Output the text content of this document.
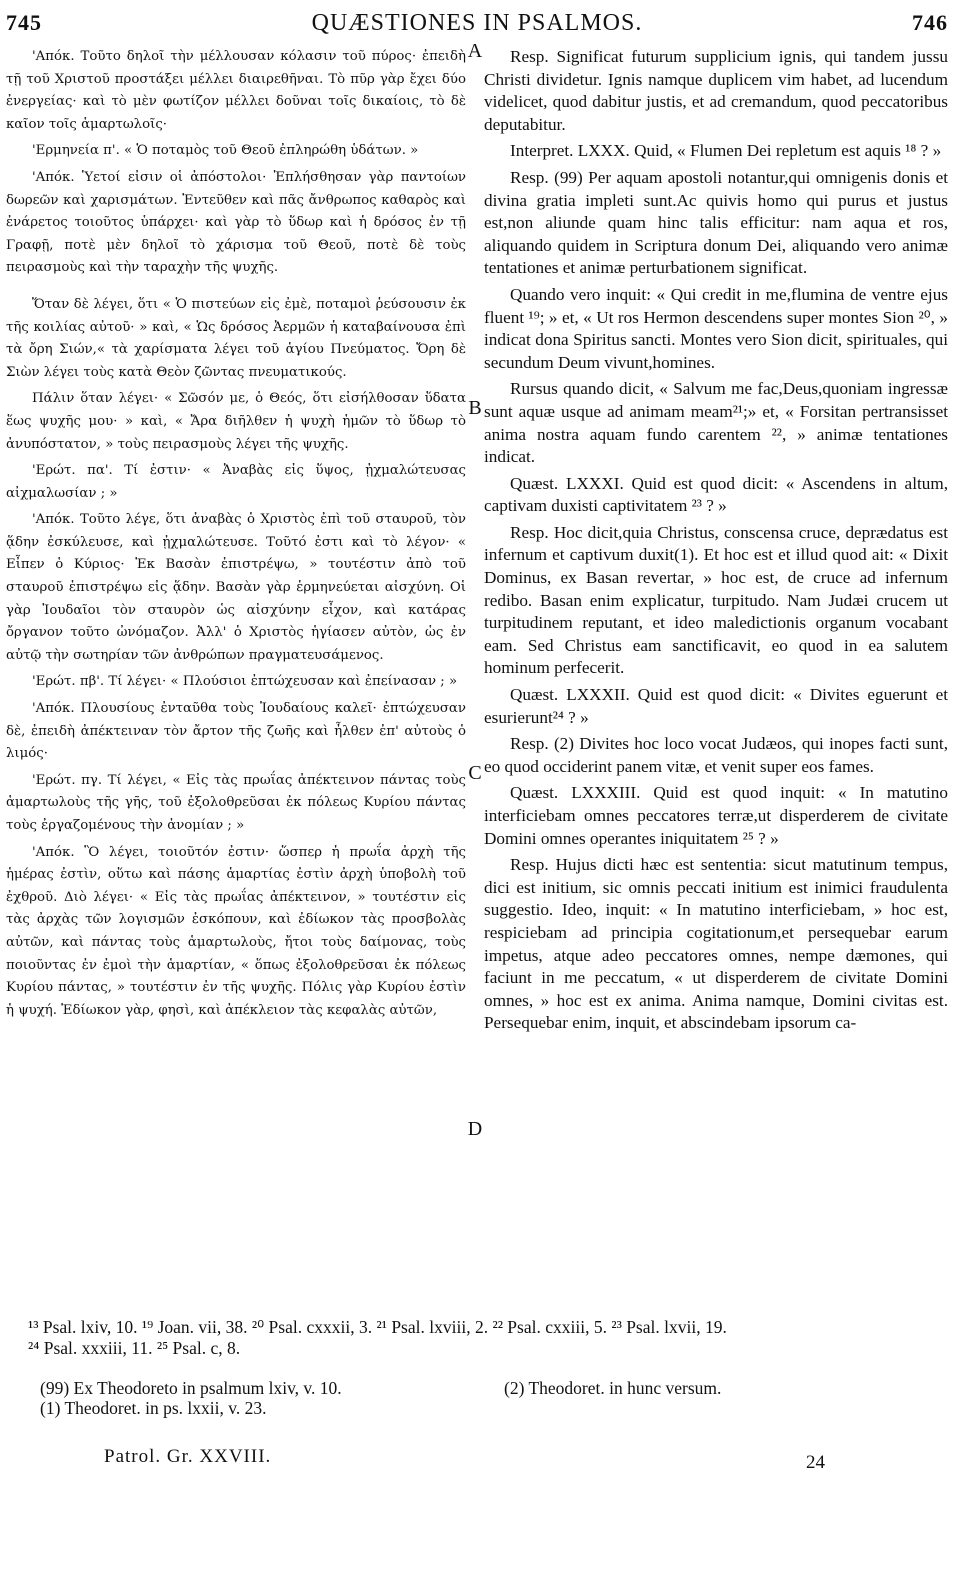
745	QUÆSTIONES IN PSALMOS.	746

'Απόκ. Τοῦτο δηλοῖ τὴν μέλλουσαν κόλασιν τοῦ πύρος· ἐπειδὴ τῇ τοῦ Χριστοῦ προστάξει μέλλει διαιρεθῆναι. Τὸ πῦρ γὰρ ἔχει δύο ἐνεργείας· καὶ τὸ μὲν φωτίζον μέλλει δοῦναι τοῖς δικαίοις, τὸ δὲ καῖον τοῖς ἁμαρτωλοῖς·

'Ερμηνεία π'. « Ὁ ποταμὸς τοῦ Θεοῦ ἐπληρώθη ὑδάτων. »

'Απόκ. Ὑετοί εἰσιν οἱ ἀπόστολοι· Ἐπλήσθησαν γὰρ παντοίων δωρεῶν καὶ χαρισμάτων. Ἐντεῦθεν καὶ πᾶς ἄνθρωπος καθαρὸς καὶ ἐνάρετος τοιοῦτος ὑπάρχει· καὶ γὰρ τὸ ὕδωρ καὶ ἡ δρόσος ἐν τῇ Γραφῇ, ποτὲ μὲν δηλοῖ τὸ χάρισμα τοῦ Θεοῦ, ποτὲ δὲ τοὺς πειρασμοὺς καὶ τὴν ταραχὴν τῆς ψυχῆς.

Ὅταν δὲ λέγει, ὅτι « Ὁ πιστεύων εἰς ἐμὲ, ποταμοὶ ῥεύσουσιν ἐκ τῆς κοιλίας αὐτοῦ· » καὶ, « Ὡς δρόσος Ἀερμῶν ἡ καταβαίνουσα ἐπὶ τὰ ὄρη Σιών,« τὰ χαρίσματα λέγει τοῦ ἁγίου Πνεύματος. Ὄρη δὲ Σιὼν λέγει τοὺς κατὰ Θεὸν ζῶντας πνευματικούς.

Πάλιν ὅταν λέγει· « Σῶσόν με, ὁ Θεός, ὅτι εἰσήλθοσαν ὕδατα ἕως ψυχῆς μου· » καὶ, « Ἄρα διῆλθεν ἡ ψυχὴ ἡμῶν τὸ ὕδωρ τὸ ἀνυπόστατον, » τοὺς πειρασμοὺς λέγει τῆς ψυχῆς.

'Ερώτ. πα'. Τί ἐστιν· « Ἀναβὰς εἰς ὕψος, ᾐχμαλώτευσας αἰχμαλωσίαν ; »

'Απόκ. Τοῦτο λέγε, ὅτι ἀναβὰς ὁ Χριστὸς ἐπὶ τοῦ σταυροῦ, τὸν ᾅδην ἐσκύλευσε, καὶ ᾐχμαλώτευσε. Τοῦτό ἐστι καὶ τὸ λέγον· « Εἶπεν ὁ Κύριος· Ἐκ Βασὰν ἐπιστρέψω, » τουτέστιν ἀπὸ τοῦ σταυροῦ ἐπιστρέψω εἰς ᾅδην. Βασὰν γὰρ ἑρμηνεύεται αἰσχύνη. Οἱ γὰρ Ἰουδαῖοι τὸν σταυρὸν ὡς αἰσχύνην εἶχον, καὶ κατάρας ὄργανον τοῦτο ὠνόμαζον. Ἀλλ' ὁ Χριστὸς ἡγίασεν αὐτὸν, ὡς ἐν αὐτῷ τὴν σωτηρίαν τῶν ἀνθρώπων πραγματευσάμενος.

'Ερώτ. πβ'. Τί λέγει· « Πλούσιοι ἐπτώχευσαν καὶ ἐπείνασαν ; »

'Απόκ. Πλουσίους ἐνταῦθα τοὺς Ἰουδαίους καλεῖ· ἐπτώχευσαν δὲ, ἐπειδὴ ἀπέκτειναν τὸν ἄρτον τῆς ζωῆς καὶ ἦλθεν ἐπ' αὐτοὺς ὁ λιμός·

'Ερώτ. πγ. Τί λέγει, « Εἰς τὰς πρωΐας ἀπέκτεινον πάντας τοὺς ἁμαρτωλοὺς τῆς γῆς, τοῦ ἐξολοθρεῦσαι ἐκ πόλεως Κυρίου πάντας τοὺς ἐργαζομένους τὴν ἀνομίαν ; »

'Απόκ. Ὃ λέγει, τοιοῦτόν ἐστιν· ὥσπερ ἡ πρωΐα ἀρχὴ τῆς ἡμέρας ἐστὶν, οὕτω καὶ πάσης ἁμαρτίας ἐστὶν ἀρχὴ ὑποβολὴ τοῦ ἐχθροῦ. Διὸ λέγει· « Εἰς τὰς πρωΐας ἀπέκτεινον, » τουτέστιν εἰς τὰς ἀρχὰς τῶν λογισμῶν ἐσκόπουν, καὶ ἐδίωκον τὰς προσβολὰς αὐτῶν, καὶ πάντας τοὺς ἁμαρτωλοὺς, ἤτοι τοὺς δαίμονας, τοὺς ποιοῦντας ἐν ἐμοὶ τὴν ἁμαρτίαν, « ὅπως ἐξολοθρεῦσαι ἐκ πόλεως Κυρίου πάντας, » τουτέστιν ἐν τῆς ψυχῆς. Πόλις γὰρ Κυρίου ἐστὶν ἡ ψυχή. Ἐδίωκον γὰρ, φησὶ, καὶ ἀπέκλειον τὰς κεφαλὰς αὐτῶν,

A
B
C
D

Resp. Significat futurum supplicium ignis, qui tandem jussu Christi dividetur. Ignis namque duplicem vim habet, ad lucendum videlicet, quod dabitur justis, et ad cremandum, quod peccatoribus deputabitur.

Interpret. LXXX. Quid, « Flumen Dei repletum est aquis ¹⁸ ? »

Resp. (99) Per aquam apostoli notantur,qui omnigenis donis et divina gratia impleti sunt.Ac quivis homo qui purus et justus est,non aliunde quam hinc talis efficitur: nam aqua et ros, aliquando quidem in Scriptura donum Dei, aliquando vero animæ tentationes et animæ perturbationem significat.

Quando vero inquit: « Qui credit in me,flumina de ventre ejus fluent ¹⁹; » et, « Ut ros Hermon descendens super montes Sion ²⁰, » indicat dona Spiritus sancti. Montes vero Sion dicit, spirituales, qui secundum Deum vivunt,homines.

Rursus quando dicit, « Salvum me fac,Deus,quoniam ingressæ sunt aquæ usque ad animam meam²¹;» et, « Forsitan pertransisset anima nostra aquam fundo carentem ²², » animæ tentationes indicat.

Quæst. LXXXI. Quid est quod dicit: « Ascendens in altum, captivam duxisti captivitatem ²³ ? »

Resp. Hoc dicit,quia Christus, conscensa cruce, deprædatus est infernum et captivum duxit(1). Et hoc est et illud quod ait: « Dixit Dominus, ex Basan revertar, » hoc est, de cruce ad infernum redibo. Basan enim explicatur, turpitudo. Nam Judæi crucem ut turpitudinem reputant, et ideo maledictionis organum vocabant eam. Sed Christus eam sanctificavit, eo quod in ea salutem hominum perfecerit.

Quæst. LXXXII. Quid est quod dicit: « Divites eguerunt et esurierunt²⁴ ? »

Resp. (2) Divites hoc loco vocat Judæos, qui inopes facti sunt, eo quod occiderint panem vitæ, et venit super eos fames.

Quæst. LXXXIII. Quid est quod inquit: « In matutino interficiebam omnes peccatores terræ,ut disperderem de civitate Domini omnes operantes iniquitatem ²⁵ ? »

Resp. Hujus dicti hæc est sententia: sicut matutinum tempus, dici est initium, sic omnis peccati initium est inimici fraudulenta suggestio. Ideo, inquit: « In matutino interficiebam, » hoc est, respiciebam ad principia cogitationum,et persequebar earum impetus, atque adeo peccatores omnes, nempe dæmones, qui faciunt in me peccatum, « ut disperderem de civitate Domini omnes, » hoc est ex anima. Anima namque, Domini civitas est. Persequebar enim, inquit, et abscindebam ipsorum ca-

¹³ Psal. lxiv, 10. ¹⁹ Joan. vii, 38. ²⁰ Psal. cxxxii, 3. ²¹ Psal. lxviii, 2. ²² Psal. cxxiii, 5. ²³ Psal. lxvii, 19.
²⁴ Psal. xxxiii, 11. ²⁵ Psal. c, 8.
(99) Ex Theodoreto in psalmum lxiv, v. 10.
(1) Theodoret. in ps. lxxii, v. 23.
(2) Theodoret. in hunc versum.
Patrol. Gr. XXVIII.	24
